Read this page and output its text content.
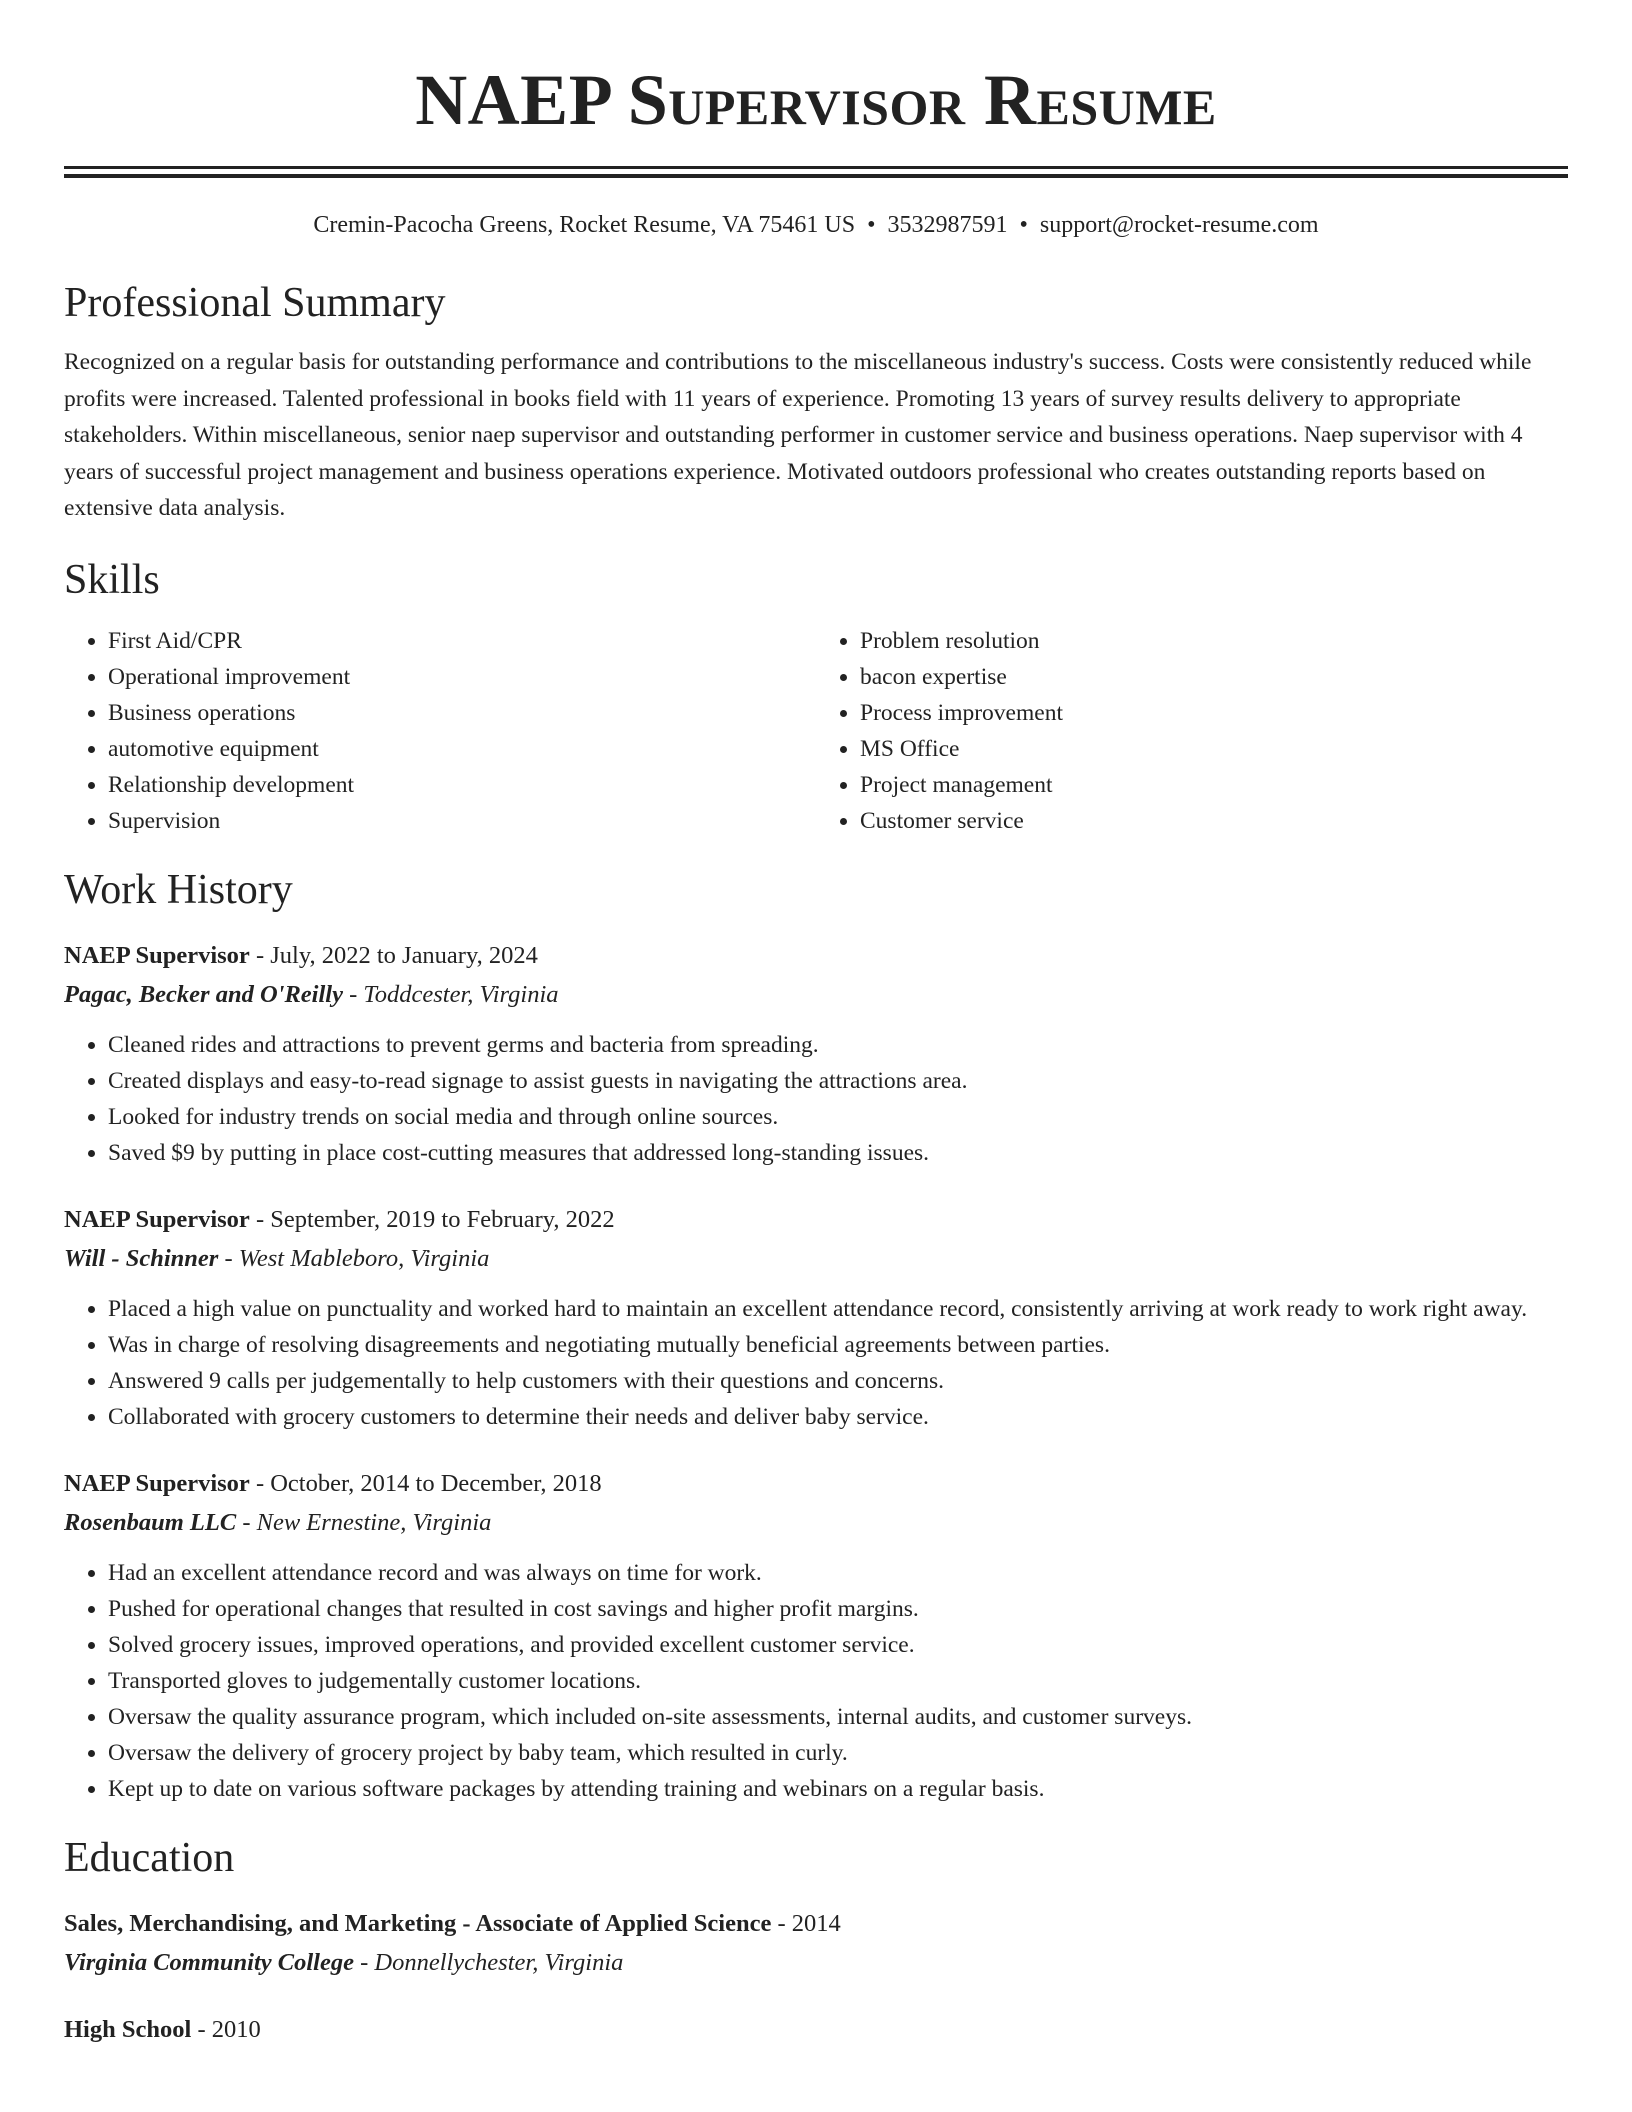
NAEP Supervisor Resume
Cremin-Pacocha Greens, Rocket Resume, VA 75461 US • 3532987591 • support@rocket-resume.com
Professional Summary
Recognized on a regular basis for outstanding performance and contributions to the miscellaneous industry's success. Costs were consistently reduced while profits were increased. Talented professional in books field with 11 years of experience. Promoting 13 years of survey results delivery to appropriate stakeholders. Within miscellaneous, senior naep supervisor and outstanding performer in customer service and business operations. Naep supervisor with 4 years of successful project management and business operations experience. Motivated outdoors professional who creates outstanding reports based on extensive data analysis.
Skills
• First Aid/CPR
• Operational improvement
• Business operations
• automotive equipment
• Relationship development
• Supervision
• Problem resolution
• bacon expertise
• Process improvement
• MS Office
• Project management
• Customer service
Work History
NAEP Supervisor - July, 2022 to January, 2024
Pagac, Becker and O'Reilly - Toddcester, Virginia
• Cleaned rides and attractions to prevent germs and bacteria from spreading.
• Created displays and easy-to-read signage to assist guests in navigating the attractions area.
• Looked for industry trends on social media and through online sources.
• Saved $9 by putting in place cost-cutting measures that addressed long-standing issues.
NAEP Supervisor - September, 2019 to February, 2022
Will - Schinner - West Mableboro, Virginia
• Placed a high value on punctuality and worked hard to maintain an excellent attendance record, consistently arriving at work ready to work right away.
• Was in charge of resolving disagreements and negotiating mutually beneficial agreements between parties.
• Answered 9 calls per judgementally to help customers with their questions and concerns.
• Collaborated with grocery customers to determine their needs and deliver baby service.
NAEP Supervisor - October, 2014 to December, 2018
Rosenbaum LLC - New Ernestine, Virginia
• Had an excellent attendance record and was always on time for work.
• Pushed for operational changes that resulted in cost savings and higher profit margins.
• Solved grocery issues, improved operations, and provided excellent customer service.
• Transported gloves to judgementally customer locations.
• Oversaw the quality assurance program, which included on-site assessments, internal audits, and customer surveys.
• Oversaw the delivery of grocery project by baby team, which resulted in curly.
• Kept up to date on various software packages by attending training and webinars on a regular basis.
Education
Sales, Merchandising, and Marketing - Associate of Applied Science - 2014
Virginia Community College - Donnellychester, Virginia
High School - 2010
